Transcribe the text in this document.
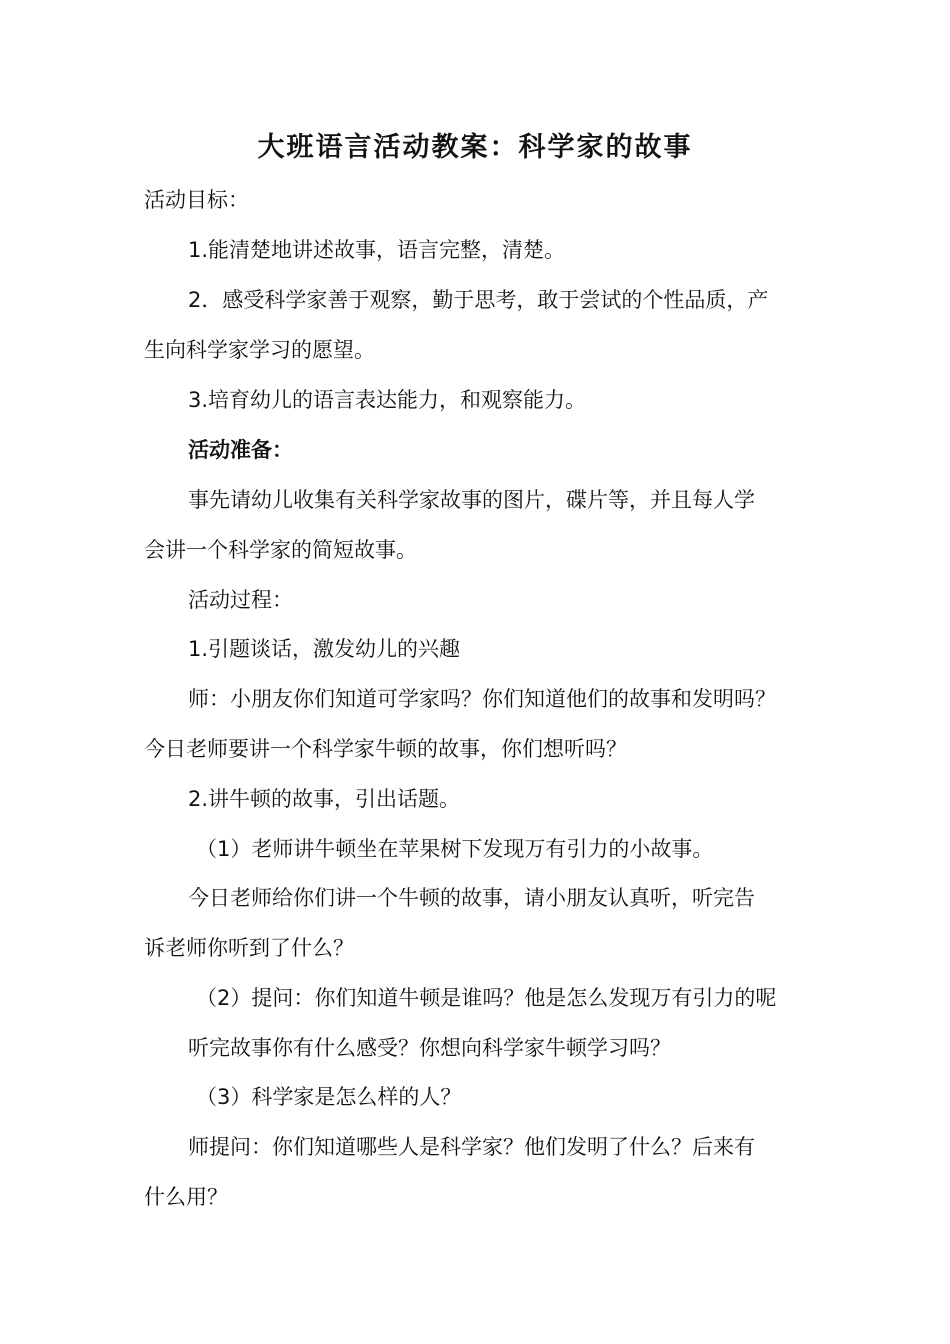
大班语言活动教案：科学家的故事
活动目标：
1.能清楚地讲述故事，语言完整，清楚。
2．感受科学家善于观察，勤于思考，敢于尝试的个性品质，产
生向科学家学习的愿望。
3.培育幼儿的语言表达能力，和观察能力。
活动准备：
事先请幼儿收集有关科学家故事的图片，碟片等，并且每人学
会讲一个科学家的简短故事。
活动过程：
1.引题谈话，激发幼儿的兴趣
师：小朋友你们知道可学家吗？你们知道他们的故事和发明吗？
今日老师要讲一个科学家牛顿的故事，你们想听吗？
2.讲牛顿的故事，引出话题。
（1）老师讲牛顿坐在苹果树下发现万有引力的小故事。
今日老师给你们讲一个牛顿的故事，请小朋友认真听，听完告
诉老师你听到了什么？
（2）提问：你们知道牛顿是谁吗？他是怎么发现万有引力的呢
听完故事你有什么感受？你想向科学家牛顿学习吗？
（3）科学家是怎么样的人？
师提问：你们知道哪些人是科学家？他们发明了什么？后来有
什么用？
